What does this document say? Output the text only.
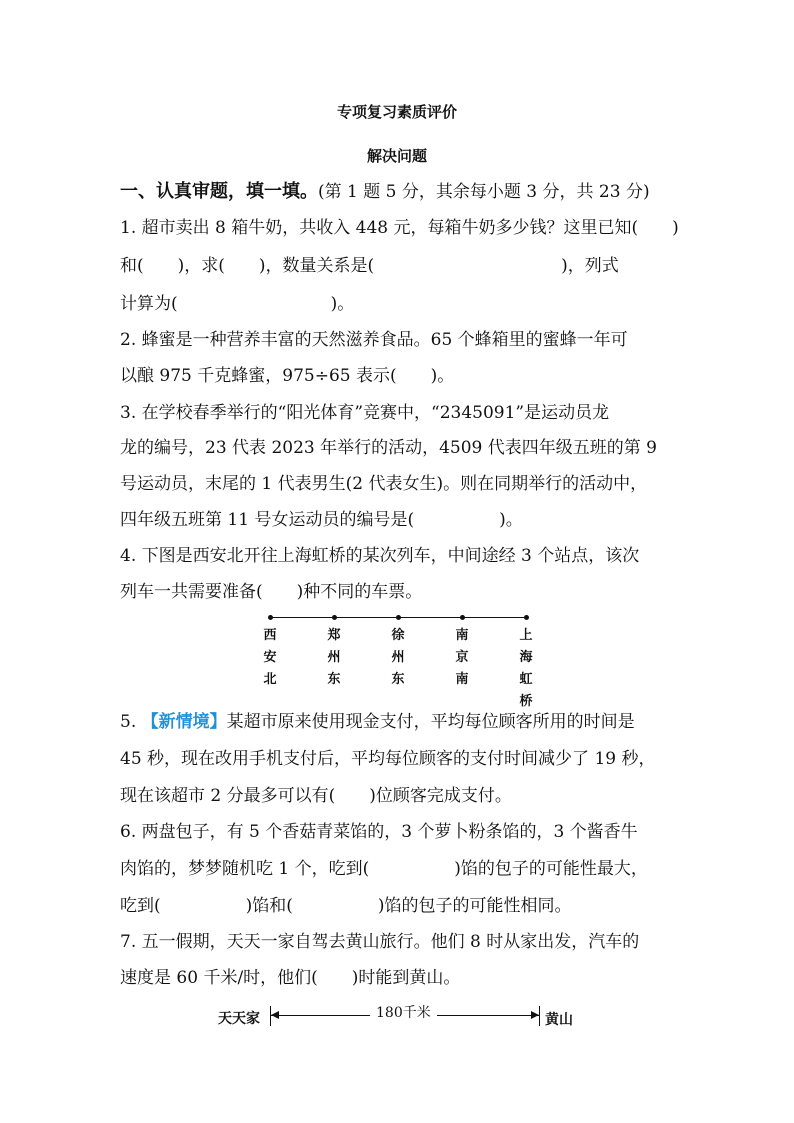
专项复习素质评价
解决问题
一、认真审题，填一填。(第 1 题 5 分，其余每小题 3 分，共 23 分)
1. 超市卖出 8 箱牛奶，共收入 448 元，每箱牛奶多少钱？这里已知(　　)
和(　　)，求(　　)，数量关系是(　　　　　　　　　　　)，列式
计算为(　　　　　　　　　)。
2. 蜂蜜是一种营养丰富的天然滋养食品。65 个蜂箱里的蜜蜂一年可
以酿 975 千克蜂蜜，975÷65 表示(　　)。
3. 在学校春季举行的“阳光体育”竞赛中，“2345091”是运动员龙
龙的编号，23 代表 2023 年举行的活动，4509 代表四年级五班的第 9
号运动员，末尾的 1 代表男生(2 代表女生)。则在同期举行的活动中，
四年级五班第 11 号女运动员的编号是(　　　　　)。
4. 下图是西安北开往上海虹桥的某次列车，中间途经 3 个站点，该次
列车一共需要准备(　　)种不同的车票。
西
安
北
郑
州
东
徐
州
东
南
京
南
上
海
虹
桥
5. 【新情境】某超市原来使用现金支付，平均每位顾客所用的时间是
45 秒，现在改用手机支付后，平均每位顾客的支付时间减少了 19 秒，
现在该超市 2 分最多可以有(　　)位顾客完成支付。
6. 两盘包子，有 5 个香菇青菜馅的，3 个萝卜粉条馅的，3 个酱香牛
肉馅的，梦梦随机吃 1 个，吃到(　　　　　)馅的包子的可能性最大，
吃到(　　　　　)馅和(　　　　　)馅的包子的可能性相同。
7. 五一假期，天天一家自驾去黄山旅行。他们 8 时从家出发，汽车的
速度是 60 千米/时，他们(　　)时能到黄山。
天天家	180千米	黄山
